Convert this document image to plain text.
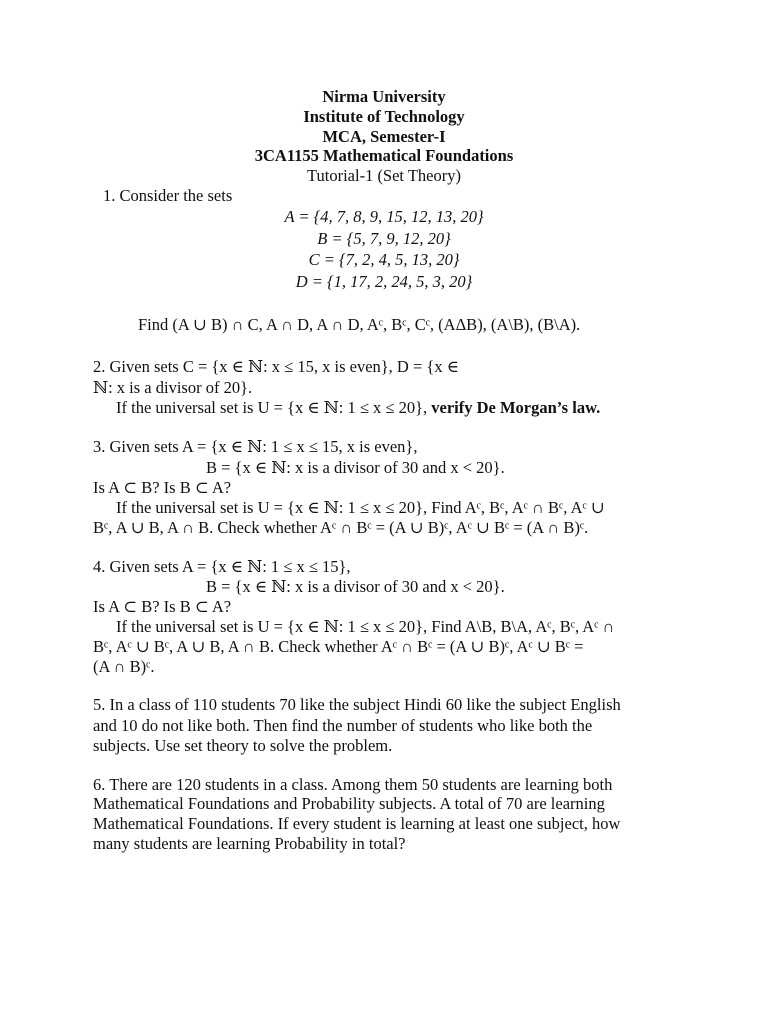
Nirma University
Institute of Technology
MCA, Semester-I
3CA1155 Mathematical Foundations
Tutorial-1 (Set Theory)
1. Consider the sets
A = {4, 7, 8, 9, 15, 12, 13, 20}
B = {5, 7, 9, 12, 20}
C = {7, 2, 4, 5, 13, 20}
D = {1, 17, 2, 24, 5, 3, 20}
Find (A ∪ B) ∩ C, A ∩ D, A ∩ D, Aᶜ, Bᶜ, Cᶜ, (AΔB), (A\B), (B\A).
2. Given sets C = {x ∈ ℕ: x ≤ 15, x is even}, D = {x ∈
ℕ: x is a divisor of 20}.
If the universal set is U = {x ∈ ℕ: 1 ≤ x ≤ 20}, verify De Morgan’s law.
3. Given sets A = {x ∈ ℕ: 1 ≤ x ≤ 15, x is even},
B = {x ∈ ℕ: x is a divisor of 30 and x < 20}.
Is A ⊂ B? Is B ⊂ A?
If the universal set is U = {x ∈ ℕ: 1 ≤ x ≤ 20}, Find Aᶜ, Bᶜ, Aᶜ ∩ Bᶜ, Aᶜ ∪
Bᶜ, A ∪ B, A ∩ B. Check whether Aᶜ ∩ Bᶜ = (A ∪ B)ᶜ, Aᶜ ∪ Bᶜ = (A ∩ B)ᶜ.
4. Given sets A = {x ∈ ℕ: 1 ≤ x ≤ 15},
B = {x ∈ ℕ: x is a divisor of 30 and x < 20}.
Is A ⊂ B? Is B ⊂ A?
If the universal set is U = {x ∈ ℕ: 1 ≤ x ≤ 20}, Find A\B, B\A, Aᶜ, Bᶜ, Aᶜ ∩
Bᶜ, Aᶜ ∪ Bᶜ, A ∪ B, A ∩ B. Check whether Aᶜ ∩ Bᶜ = (A ∪ B)ᶜ, Aᶜ ∪ Bᶜ =
(A ∩ B)ᶜ.
5. In a class of 110 students 70 like the subject Hindi 60 like the subject English
and 10 do not like both. Then find the number of students who like both the
subjects. Use set theory to solve the problem.
6. There are 120 students in a class. Among them 50 students are learning both
Mathematical Foundations and Probability subjects. A total of 70 are learning
Mathematical Foundations. If every student is learning at least one subject, how
many students are learning Probability in total?
